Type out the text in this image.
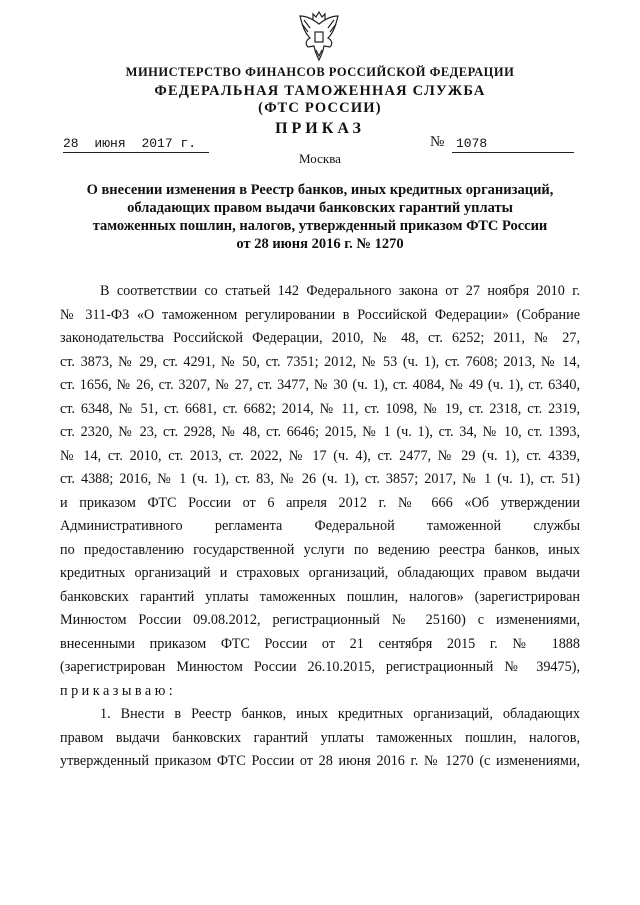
МИНИСТЕРСТВО ФИНАНСОВ РОССИЙСКОЙ ФЕДЕРАЦИИ
ФЕДЕРАЛЬНАЯ ТАМОЖЕННАЯ СЛУЖБА
(ФТС РОССИИ)
ПРИКАЗ
28 июня 2017 г.	№ 1078
Москва
О внесении изменения в Реестр банков, иных кредитных организаций,
обладающих правом выдачи банковских гарантий уплаты
таможенных пошлин, налогов, утвержденный приказом ФТС России
от 28 июня 2016 г. № 1270
В соответствии со статьей 142 Федерального закона от 27 ноября 2010 г.
№ 311-ФЗ «О таможенном регулировании в Российской Федерации» (Собрание
законодательства Российской Федерации, 2010, № 48, ст. 6252; 2011, № 27,
ст. 3873, № 29, ст. 4291, № 50, ст. 7351; 2012, № 53 (ч. 1), ст. 7608; 2013, № 14,
ст. 1656, № 26, ст. 3207, № 27, ст. 3477, № 30 (ч. 1), ст. 4084, № 49 (ч. 1), ст. 6340,
ст. 6348, № 51, ст. 6681, ст. 6682; 2014, № 11, ст. 1098, № 19, ст. 2318, ст. 2319,
ст. 2320, № 23, ст. 2928, № 48, ст. 6646; 2015, № 1 (ч. 1), ст. 34, № 10, ст. 1393,
№ 14, ст. 2010, ст. 2013, ст. 2022, № 17 (ч. 4), ст. 2477, № 29 (ч. 1), ст. 4339,
ст. 4388; 2016, № 1 (ч. 1), ст. 83, № 26 (ч. 1), ст. 3857; 2017, № 1 (ч. 1), ст. 51)
и приказом ФТС России от 6 апреля 2012 г. № 666 «Об утверждении
Административного регламента Федеральной таможенной службы
по предоставлению государственной услуги по ведению реестра банков, иных
кредитных организаций и страховых организаций, обладающих правом выдачи
банковских гарантий уплаты таможенных пошлин, налогов» (зарегистрирован
Минюстом России 09.08.2012, регистрационный № 25160) с изменениями,
внесенными приказом ФТС России от 21 сентября 2015 г. № 1888
(зарегистрирован Минюстом России 26.10.2015, регистрационный № 39475),
приказываю:
1. Внести в Реестр банков, иных кредитных организаций, обладающих
правом выдачи банковских гарантий уплаты таможенных пошлин, налогов,
утвержденный приказом ФТС России от 28 июня 2016 г. № 1270 (с изменениями,
